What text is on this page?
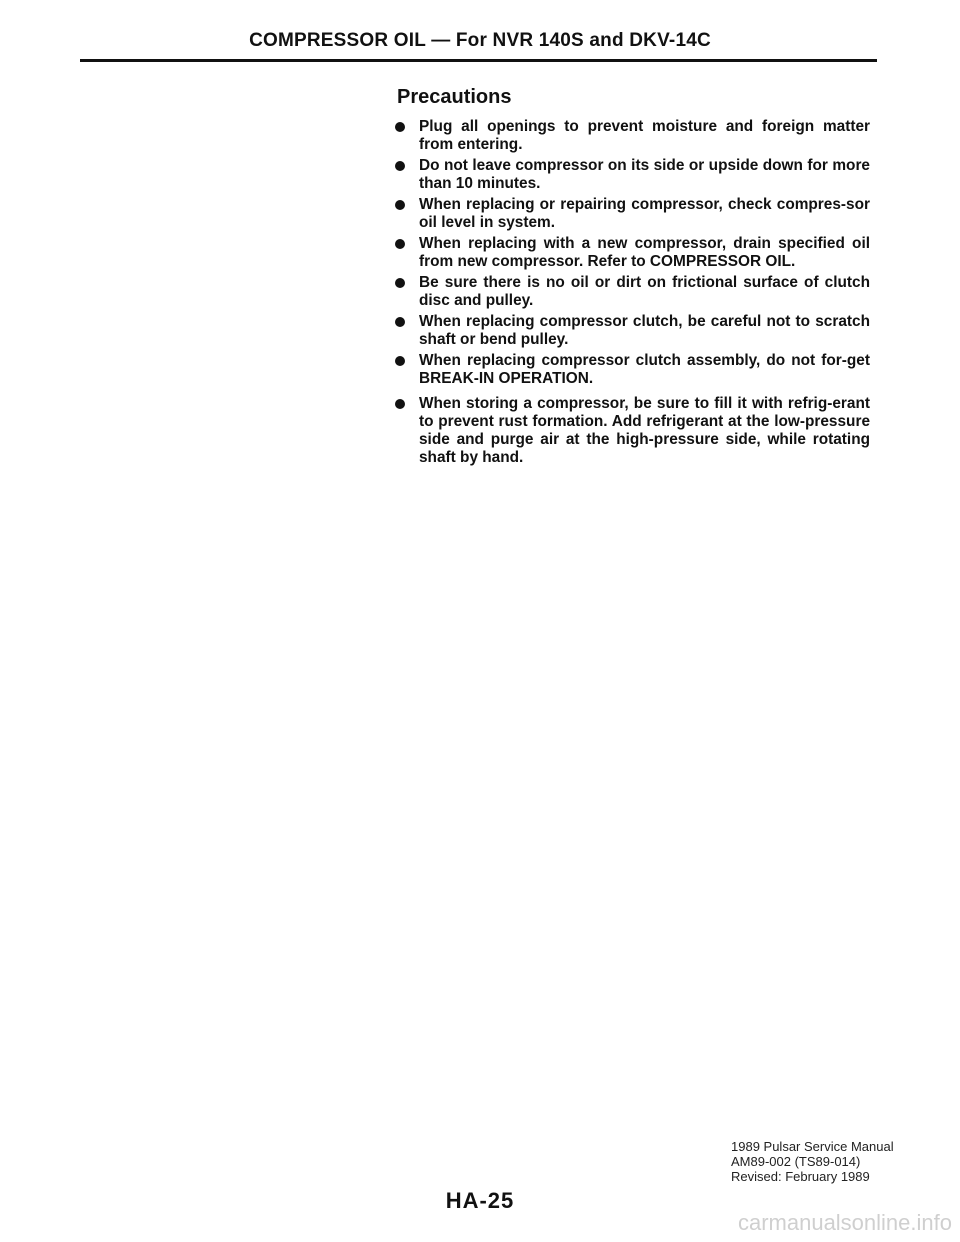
COMPRESSOR OIL — For NVR 140S and DKV-14C
Precautions
Plug all openings to prevent moisture and foreign matter from entering.
Do not leave compressor on its side or upside down for more than 10 minutes.
When replacing or repairing compressor, check compres-sor oil level in system.
When replacing with a new compressor, drain specified oil from new compressor. Refer to COMPRESSOR OIL.
Be sure there is no oil or dirt on frictional surface of clutch disc and pulley.
When replacing compressor clutch, be careful not to scratch shaft or bend pulley.
When replacing compressor clutch assembly, do not for-get BREAK-IN OPERATION.
When storing a compressor, be sure to fill it with refrig-erant to prevent rust formation. Add refrigerant at the low-pressure side and purge air at the high-pressure side, while rotating shaft by hand.
1989 Pulsar Service Manual
AM89-002 (TS89-014)
Revised: February 1989
HA-25
carmanualsonline.info
